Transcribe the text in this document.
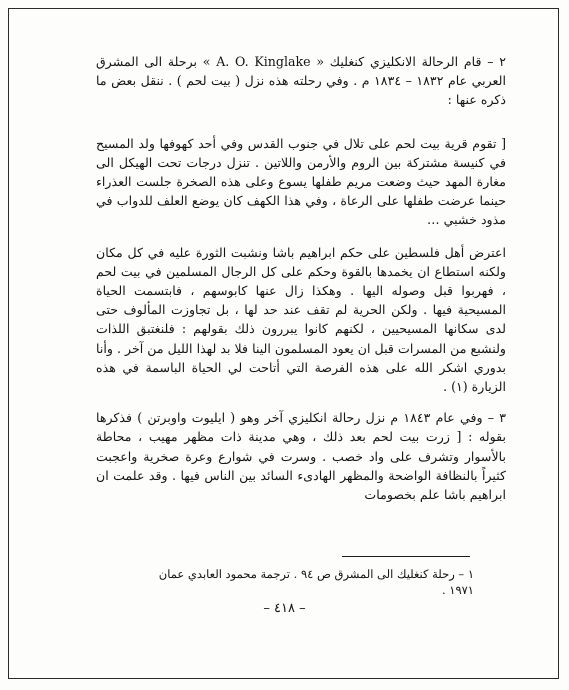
٢ – قام الرحالة الانكليزي كنغليك « A. O. Kinglake » برحلة الى المشرق العربي عام ١٨٣٢ – ١٨٣٤ م . وفي رحلته هذه نزل ( بيت لحم ) . ننقل بعض ما ذكره عنها :

[ تقوم قرية بيت لحم على تلال في جنوب القدس وفي أحد كهوفها ولد المسيح في كنيسة مشتركة بين الروم والأرمن واللاتين . تنزل درجات تحت الهيكل الى مغارة المهد حيث وضعت مريم طفلها يسوع وعلى هذه الصخرة جلست العذراء حينما عرضت طفلها على الرعاة ، وفي هذا الكهف كان يوضع العلف للدواب في مذود خشبي …

اعترض أهل فلسطين على حكم ابراهيم باشا ونشبت الثورة عليه في كل مكان ولكنه استطاع ان يخمدها بالقوة وحكم على كل الرجال المسلمين في بيت لحم ، فهربوا قبل وصوله اليها . وهكذا زال عنها كابوسهم ، فابتسمت الحياة المسيحية فيها . ولكن الحرية لم تقف عند حد لها ، بل تجاوزت المألوف حتى لدى سكانها المسيحيين ، لكنهم كانوا يبررون ذلك بقولهم : فلنغتبق اللذات ولنشبع من المسرات قبل ان يعود المسلمون الينا فلا بد لهذا الليل من آخر . وأنا بدوري اشكر الله على هذه الفرصة التي أتاحت لي الحياة الباسمة في هذه الزيارة (١) .

٣ – وفي عام ١٨٤٣ م نزل رحالة انكليزي آخر وهو ( ايليوت واوبرتن ) فذكرها بقوله : [ زرت بيت لحم بعد ذلك ، وهي مدينة ذات مظهر مهيب ، محاطة بالأسوار وتشرف على واد خصب . وسرت في شوارع وعرة صخرية واعجبت كثيراً بالنظافة الواضحة والمظهر الهادىء السائد بين الناس فيها . وقد علمت ان ابراهيم باشا علم بخصومات

١ – رحلة كنغليك الى المشرق ص ٩٤ . ترجمة محمود العابدي عمان ١٩٧١ .

– ٤١٨ –
